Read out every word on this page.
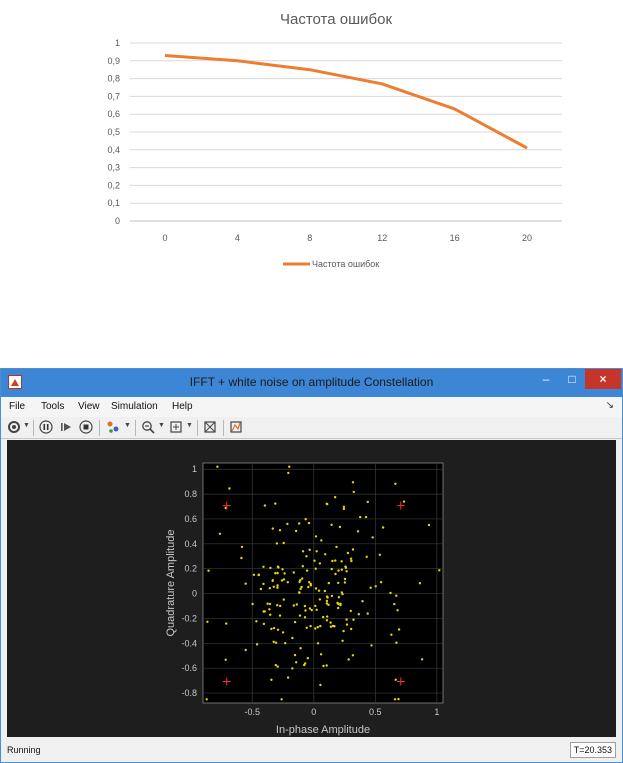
Частота ошибок
0
0,1
0,2
0,3
0,4
0,5
0,6
0,7
0,8
0,9
1
0	4	8	12	16	20
Частота ошибок
IFFT + white noise on amplitude Constellation	–	□	×
File Tools View Simulation Help	↘
▼	▼	▼	▼
1
0.8
0.6
0.4
0.2
0
-0.2
-0.4
-0.6
-0.8
-0.5	0	0.5	1
In-phase Amplitude
Quadrature Amplitude
Running	T=20.353
